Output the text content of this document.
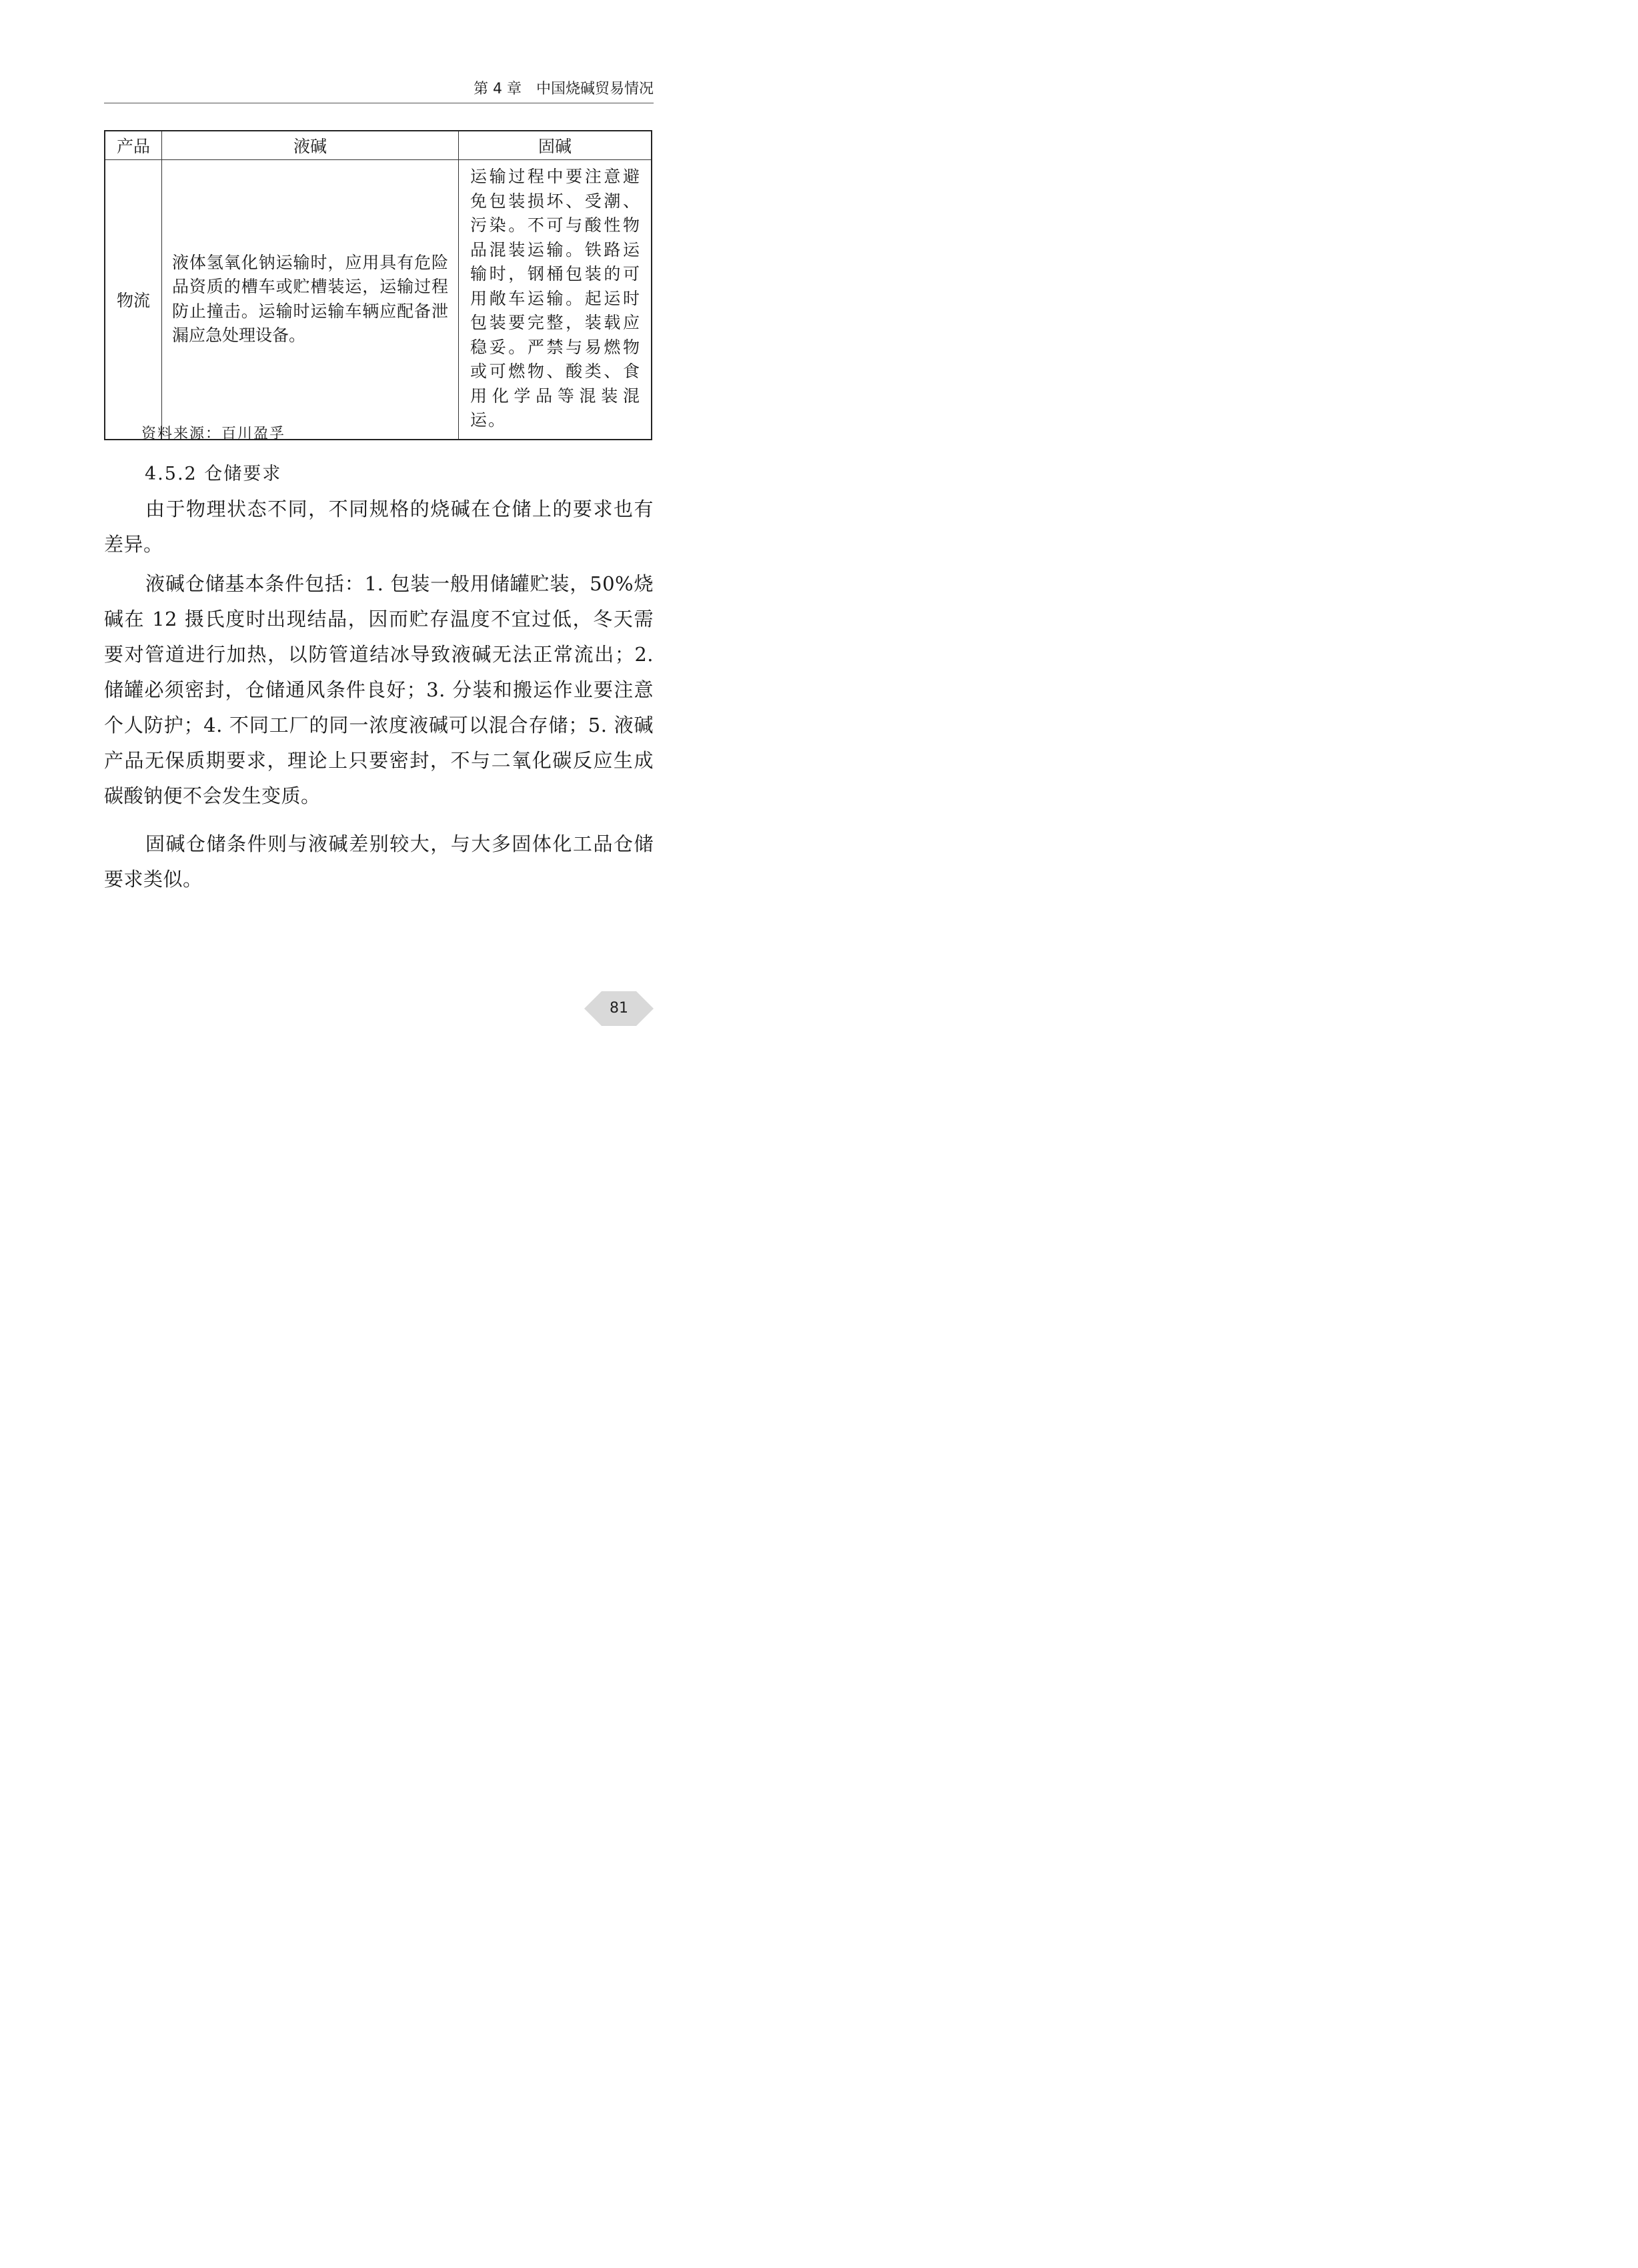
第 4 章　中国烧碱贸易情况
产品	液碱	固碱
物流	液体氢氧化钠运输时，应用具有危险品资质的槽车或贮槽装运，运输过程防止撞击。运输时运输车辆应配备泄漏应急处理设备。	运输过程中要注意避免包装损坏、受潮、污染。不可与酸性物品混装运输。铁路运输时，钢桶包装的可用敞车运输。起运时包装要完整，装载应稳妥。严禁与易燃物或可燃物、酸类、食用化学品等混装混运。
资料来源：百川盈孚
4.5.2 仓储要求

由于物理状态不同，不同规格的烧碱在仓储上的要求也有差异。

液碱仓储基本条件包括：1. 包装一般用储罐贮装，50%烧碱在 12 摄氏度时出现结晶，因而贮存温度不宜过低，冬天需要对管道进行加热，以防管道结冰导致液碱无法正常流出；2. 储罐必须密封，仓储通风条件良好；3. 分装和搬运作业要注意个人防护；4. 不同工厂的同一浓度液碱可以混合存储；5. 液碱产品无保质期要求，理论上只要密封，不与二氧化碳反应生成碳酸钠便不会发生变质。

固碱仓储条件则与液碱差别较大，与大多固体化工品仓储要求类似。

81
